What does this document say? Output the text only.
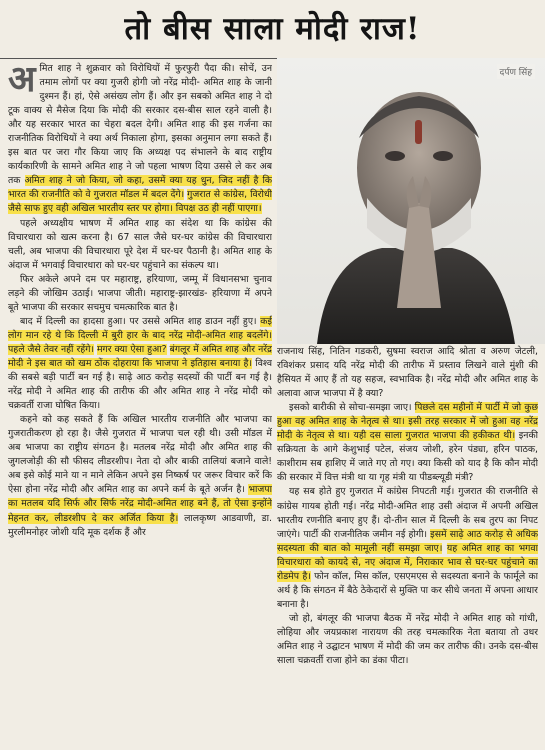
तो बीस साला मोदी राज!

अमित शाह ने शुक्रवार को विरोधियों में फुरफुरी पैदा की। सोचें, उन तमाम लोगों पर क्या गुजरी होगी जो नरेंद्र मोदी- अमित शाह के जानी दुश्मन हैं। हां, ऐसे असंख्य लोग हैं। और इन सबको अमित शाह ने दो टूक वाक्य से मैसेज दिया कि मोदी की सरकार दस-बीस साल रहने वाली है। और यह सरकार भारत का चेहरा बदल देगी। अमित शाह की इस गर्जना का राजनीतिक विरोधियों ने क्या अर्थ निकाला होगा, इसका अनुमान लगा सकते हैं। इस बात पर जरा गौर किया जाए कि अध्यक्ष पद संभालने के बाद राष्ट्रीय कार्यकारिणी के सामने अमित शाह ने जो पहला भाषण दिया उससे ले कर अब तक अमित शाह ने जो किया, जो कहा, उसमें क्या यह धुन, जिद नहीं है कि भारत की राजनीति को वे गुजरात मॉडल में बदल देंगे। गुजरात से कांग्रेस, विरोधी जैसे साफ हुए वही अखिल भारतीय स्तर पर होगा। विपक्ष उठ ही नहीं पाएगा।

पहले अध्यक्षीय भाषण में अमित शाह का संदेश था कि कांग्रेस की विचारधारा को खत्म करना है। 67 साल जैसे घर-घर कांग्रेस की विचारधारा चली, अब भाजपा की विचारधारा पूरे देश में घर-घर पैठानी है। अमित शाह के अंदाज में भगवाई विचारधारा को घर-घर पहुंचाने का संकल्प था।

फिर अकेले अपने दम पर महाराष्ट्र, हरियाणा, जम्मू में विधानसभा चुनाव लड़ने की जोखिम उठाई। भाजपा जीती। महाराष्ट्र-झारखंड- हरियाणा में अपने बूते भाजपा की सरकार सचमुच चमत्कारिक बात है।

बाद में दिल्ली का हादसा हुआ। पर उससे अमित शाह डाउन नहीं हुए। कई लोग मान रहे थे कि दिल्ली में बुरी हार के बाद नरेंद्र मोदी-अमित शाह बदलेंगे। पहले जैसे तेवर नहीं रहेंगे। मगर क्या ऐसा हुआ? बंगलूर में अमित शाह और नरेंद्र मोदी ने इस बात को खम ठोंक दोहराया कि भाजपा ने इतिहास बनाया है। विश्व की सबसे बड़ी पार्टी बन गई है। साढ़े आठ करोड़ सदस्यों की पार्टी बन गई है। नरेंद्र मोदी ने अमित शाह की तारीफ की और अमित शाह ने नरेंद्र मोदी को चक्रवर्ती राजा घोषित किया।

कहने को कह सकते हैं कि अखिल भारतीय राजनीति और भाजपा का गुजरातीकरण हो रहा है। जैसे गुजरात में भाजपा चल रही थी। उसी मॉडल में अब भाजपा का राष्ट्रीय संगठन है। मतलब नरेंद्र मोदी और अमित शाह की जुगलजोड़ी की सौ फीसद लीडरशीप। नेता दो और बाकी तालियां बजाने वाले! अब इसे कोई माने या न माने लेकिन अपने इस निष्कर्ष पर जरूर विचार करें कि ऐसा होना नरेंद्र मोदी और अमित शाह का अपने कर्म के बूते अर्जन है। भाजपा का मतलब यदि सिर्फ और सिर्फ नरेंद्र मोदी-अमित शाह बने हैं, तो ऐसा इन्होंने मेहनत कर, लीडरशीप दे कर अर्जित किया है। लालकृष्ण आडवाणी, डा. मुरलीमनोहर जोशी यदि मूक दर्शक हैं और

दर्पण सिंह

राजनाथ सिंह, नितिन गडकरी, सुषमा स्वराज आदि श्रोता व अरुण जेटली, रविशंकर प्रसाद यदि नरेंद्र मोदी की तारीफ में प्रस्ताव लिखने वाले मुंशी की हैसियत में आए हैं तो यह सहज, स्वभाविक है। नरेंद्र मोदी और अमित शाह के अलावा आज भाजपा में है क्या?

इसको बारीकी से सोचा-समझा जाए। पिछले दस महीनों में पार्टी में जो कुछ हुआ वह अमित शाह के नेतृत्व से था। इसी तरह सरकार में जो हुआ वह नरेंद्र मोदी के नेतृत्व से था। यही दस साला गुजरात भाजपा की हकीकत थी। इनकी सक्रियता के आगे केशुभाई पटेल, संजय जोशी, हरेन पंड्या, हरिन पाठक, काशीराम सब हाशिए में जाते गए तो गए। क्या किसी को याद है कि कौन मोदी की सरकार में वित्त मंत्री था या गृह मंत्री या पीडब्ल्यूडी मंत्री?

यह सब होते हुए गुजरात में कांग्रेस निपटती गई। गुजरात की राजनीति से कांग्रेस गायब होती गई। नरेंद्र मोदी-अमित शाह उसी अंदाज में अपनी अखिल भारतीय रणनीति बनाए हुए हैं। दो-तीन साल में दिल्ली के सब तुरप का निपट जाएंगे। पार्टी की राजनीतिक जमीन नई होगी। इसमें साढ़े आठ करोड़ से अधिक सदस्यता की बात को मामूली नहीं समझा जाए। यह अमित शाह का भगवा विचारधारा को कायदे से, नए अंदाज में, निराकार भाव से घर-घर पहुंचाने का रोडमेप है। फोन कॉल, मिस कॉल, एसएमएस से सदस्यता बनाने के फार्मूले का अर्थ है कि संगठन में बैठे ठेकेदारों से मुक्ति पा कर सीधे जनता में अपना आधार बनाना है।

जो हो, बंगलूर की भाजपा बैठक में नरेंद्र मोदी ने अमित शाह को गांधी, लोहिया और जयप्रकाश नारायण की तरह चमत्कारिक नेता बताया तो उधर अमित शाह ने उद्घाटन भाषण में मोदी की जम कर तारीफ की। उनके दस-बीस साला चक्रवर्ती राजा होने का डंका पीटा।
